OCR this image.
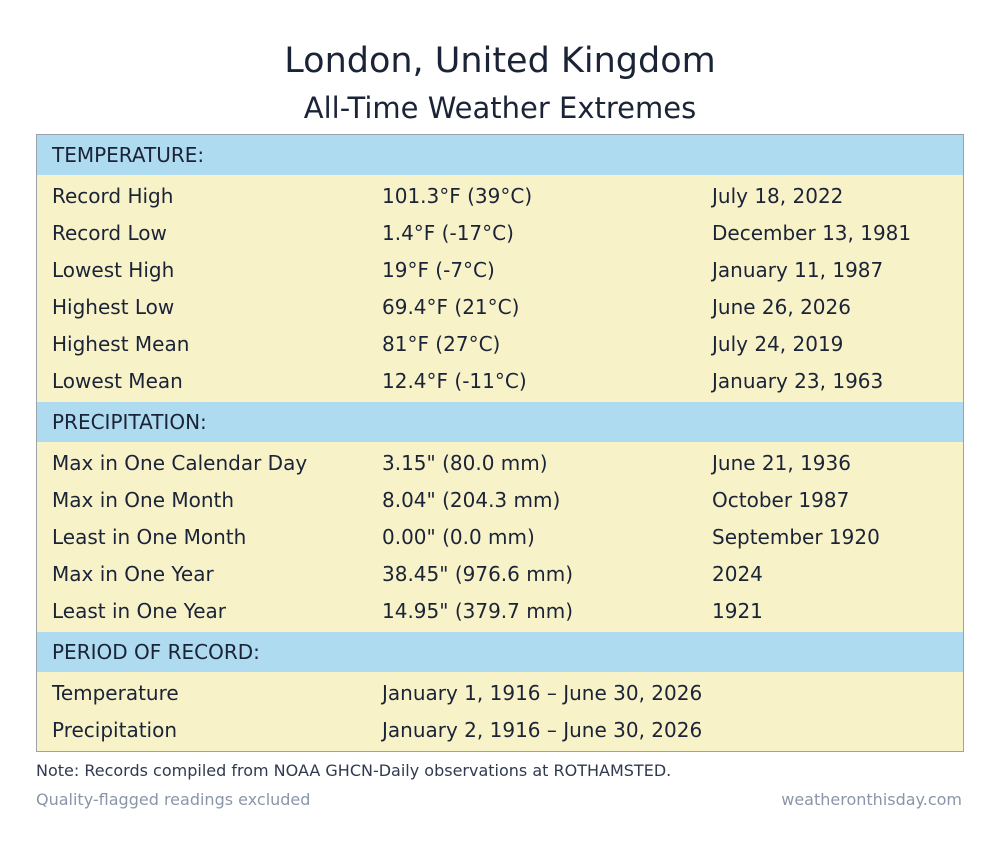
London, United Kingdom
All-Time Weather Extremes
TEMPERATURE:
Record High	101.3°F (39°C)	July 18, 2022
Record Low	1.4°F (-17°C)	December 13, 1981
Lowest High	19°F (-7°C)	January 11, 1987
Highest Low	69.4°F (21°C)	June 26, 2026
Highest Mean	81°F (27°C)	July 24, 2019
Lowest Mean	12.4°F (-11°C)	January 23, 1963
PRECIPITATION:
Max in One Calendar Day	3.15" (80.0 mm)	June 21, 1936
Max in One Month	8.04" (204.3 mm)	October 1987
Least in One Month	0.00" (0.0 mm)	September 1920
Max in One Year	38.45" (976.6 mm)	2024
Least in One Year	14.95" (379.7 mm)	1921
PERIOD OF RECORD:
Temperature	January 1, 1916 – June 30, 2026
Precipitation	January 2, 1916 – June 30, 2026
Note: Records compiled from NOAA GHCN-Daily observations at ROTHAMSTED.
Quality-flagged readings excluded	weatheronthisday.com
